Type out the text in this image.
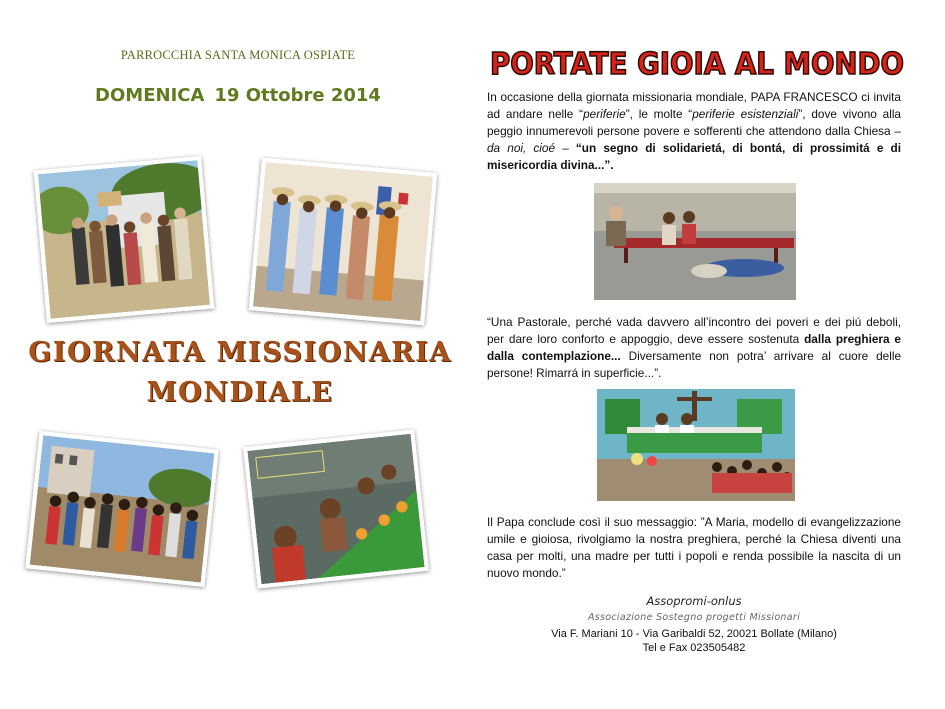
PARROCCHIA SANTA MONICA OSPIATE
DOMENICA 19 Ottobre 2014
GIORNATA MISSIONARIA
MONDIALE
PORTATE GIOIA AL MONDO
In occasione della giornata missionaria mondiale, PAPA FRANCESCO ci invita ad andare nelle “periferie”, le molte “periferie esistenziali”, dove vivono alla peggio innumerevoli persone povere e sofferenti che attendono dalla Chiesa – da noi, cioé – “un segno di solidarietá, di bontá, di prossimitá e di misericordia divina...”.
“Una Pastorale, perché vada davvero all’incontro dei poveri e dei piú deboli, per dare loro conforto e appoggio, deve essere sostenuta dalla preghiera e dalla contemplazione... Diversamente non potra’ arrivare al cuore delle persone! Rimarrá in superficie...”.
Il Papa conclude così il suo messaggio: ”A Maria, modello di evangelizzazione umile e gioiosa, rivolgiamo la nostra preghiera, perché la Chiesa diventi una casa per molti, una madre per tutti i popoli e renda possibile la nascita di un nuovo mondo.”
Assopromi-onlus
Associazione Sostegno progetti Missionari
Via F. Mariani 10 - Via Garibaldi 52, 20021 Bollate (Milano)
Tel e Fax 023505482
